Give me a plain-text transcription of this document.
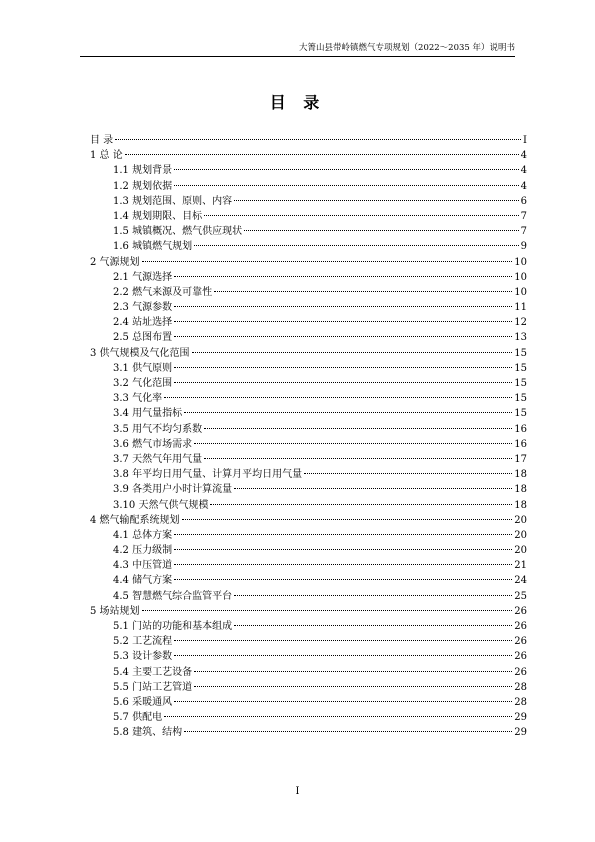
大箐山县带岭镇燃气专项规划（2022～2035 年）说明书
目 录
目 录	I
1 总 论	4
1.1 规划背景	4
1.2 规划依据	4
1.3 规划范围、原则、内容	6
1.4 规划期限、目标	7
1.5 城镇概况、燃气供应现状	7
1.6 城镇燃气规划	9
2 气源规划	10
2.1 气源选择	10
2.2 燃气来源及可靠性	10
2.3 气源参数	11
2.4 站址选择	12
2.5 总图布置	13
3 供气规模及气化范围	15
3.1 供气原则	15
3.2 气化范围	15
3.3 气化率	15
3.4 用气量指标	15
3.5 用气不均匀系数	16
3.6 燃气市场需求	16
3.7 天然气年用气量	17
3.8 年平均日用气量、计算月平均日用气量	18
3.9 各类用户小时计算流量	18
3.10 天然气供气规模	18
4 燃气输配系统规划	20
4.1 总体方案	20
4.2 压力级制	20
4.3 中压管道	21
4.4 储气方案	24
4.5 智慧燃气综合监管平台	25
5 场站规划	26
5.1 门站的功能和基本组成	26
5.2 工艺流程	26
5.3 设计参数	26
5.4 主要工艺设备	26
5.5 门站工艺管道	28
5.6 采暖通风	28
5.7 供配电	29
5.8 建筑、结构	29
I
